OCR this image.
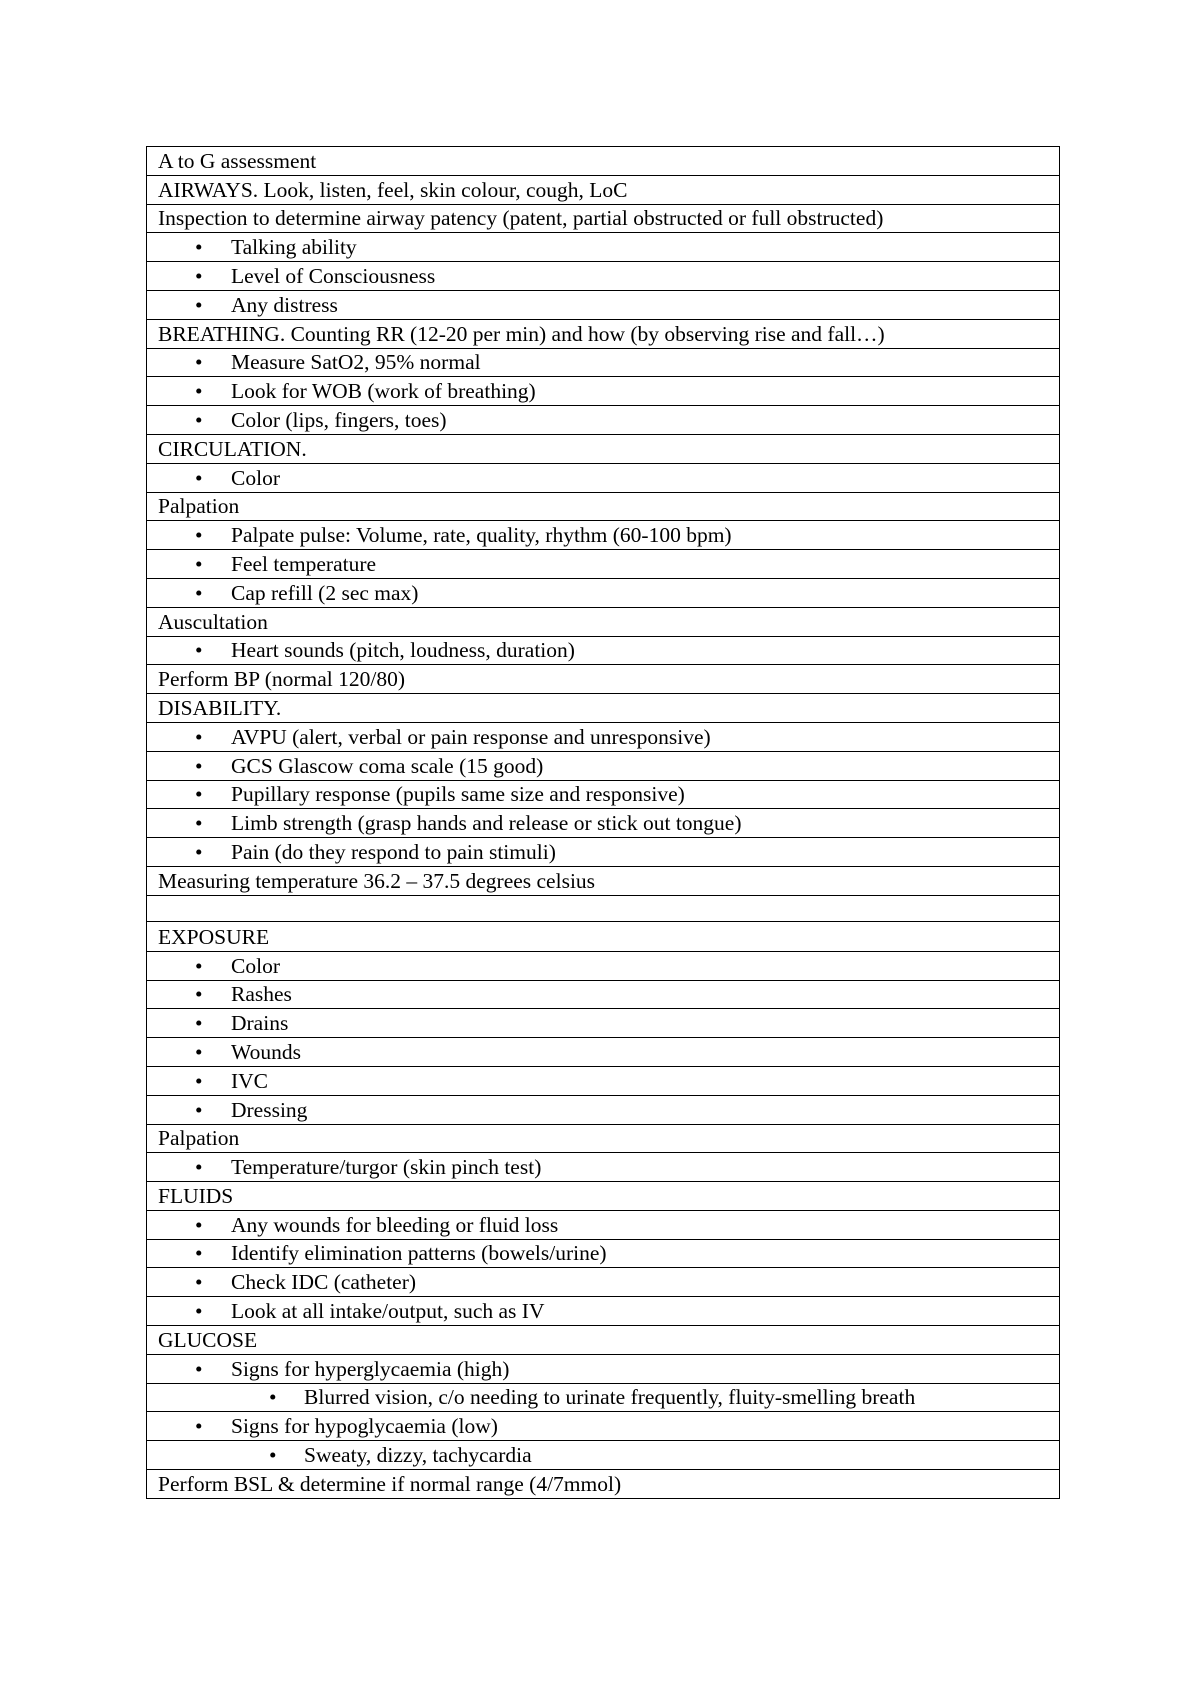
A to G assessment
AIRWAYS. Look, listen, feel, skin colour, cough, LoC
Inspection to determine airway patency (patent, partial obstructed or full obstructed)
• Talking ability
• Level of Consciousness
• Any distress
BREATHING. Counting RR (12-20 per min) and how (by observing rise and fall…)
• Measure SatO2, 95% normal
• Look for WOB (work of breathing)
• Color (lips, fingers, toes)
CIRCULATION.
• Color
Palpation
• Palpate pulse: Volume, rate, quality, rhythm (60-100 bpm)
• Feel temperature
• Cap refill (2 sec max)
Auscultation
• Heart sounds (pitch, loudness, duration)
Perform BP (normal 120/80)
DISABILITY.
• AVPU (alert, verbal or pain response and unresponsive)
• GCS Glascow coma scale (15 good)
• Pupillary response (pupils same size and responsive)
• Limb strength (grasp hands and release or stick out tongue)
• Pain (do they respond to pain stimuli)
Measuring temperature 36.2 – 37.5 degrees celsius

EXPOSURE
• Color
• Rashes
• Drains
• Wounds
• IVC
• Dressing
Palpation
• Temperature/turgor (skin pinch test)
FLUIDS
• Any wounds for bleeding or fluid loss
• Identify elimination patterns (bowels/urine)
• Check IDC (catheter)
• Look at all intake/output, such as IV
GLUCOSE
• Signs for hyperglycaemia (high)
• Blurred vision, c/o needing to urinate frequently, fluity-smelling breath
• Signs for hypoglycaemia (low)
• Sweaty, dizzy, tachycardia
Perform BSL & determine if normal range (4/7mmol)
